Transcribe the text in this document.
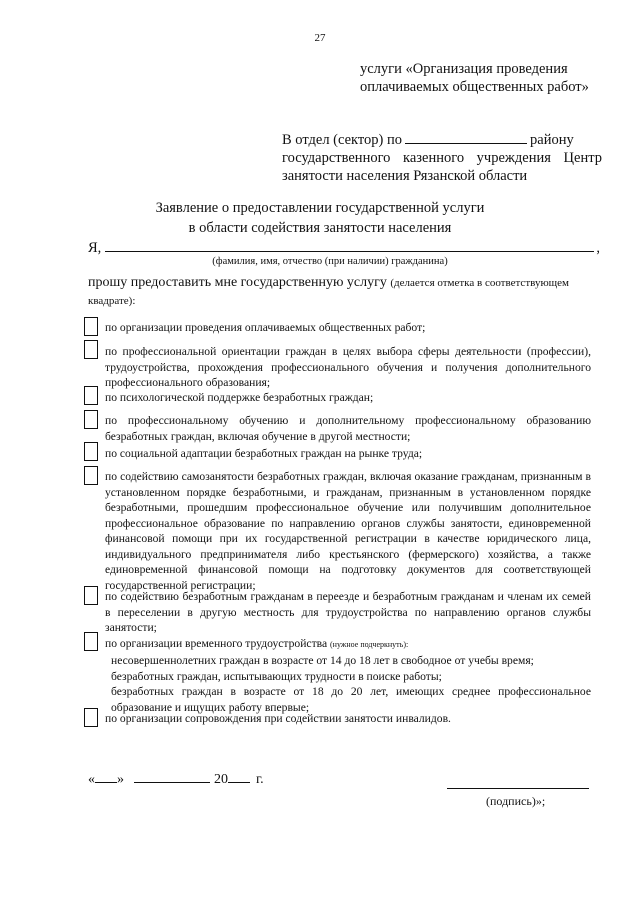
27
услуги «Организация проведения оплачиваемых общественных работ»
В отдел (сектор) по	району
государственного казенного учреждения Центр занятости населения Рязанской области
Заявление о предоставлении государственной услуги
в области содействия занятости населения
Я,	,
(фамилия, имя, отчество (при наличии) гражданина)
прошу предоставить мне государственную услугу (делается отметка в соответствующем квадрате):
по организации проведения оплачиваемых общественных работ;
по профессиональной ориентации граждан в целях выбора сферы деятельности (профессии), трудоустройства, прохождения профессионального обучения и получения дополнительного профессионального образования;
по психологической поддержке безработных граждан;
по профессиональному обучению и дополнительному профессиональному образованию безработных граждан, включая обучение в другой местности;
по социальной адаптации безработных граждан на рынке труда;
по содействию самозанятости безработных граждан, включая оказание гражданам, признанным в установленном порядке безработными, и гражданам, признанным в установленном порядке безработными, прошедшим профессиональное обучение или получившим дополнительное профессиональное образование по направлению органов службы занятости, единовременной финансовой помощи при их государственной регистрации в качестве юридического лица, индивидуального предпринимателя либо крестьянского (фермерского) хозяйства, а также единовременной финансовой помощи на подготовку документов для соответствующей государственной регистрации;
по содействию безработным гражданам в переезде и безработным гражданам и членам их семей в переселении в другую местность для трудоустройства по направлению органов службы занятости;
по организации временного трудоустройства (нужное подчеркнуть):
несовершеннолетних граждан в возрасте от 14 до 18 лет в свободное от учебы время;
безработных граждан, испытывающих трудности в поиске работы;
безработных граждан в возрасте от 18 до 20 лет, имеющих среднее профессиональное образование и ищущих работу впервые;
по организации сопровождения при содействии занятости инвалидов.
« »	20 г.
(подпись)»;
